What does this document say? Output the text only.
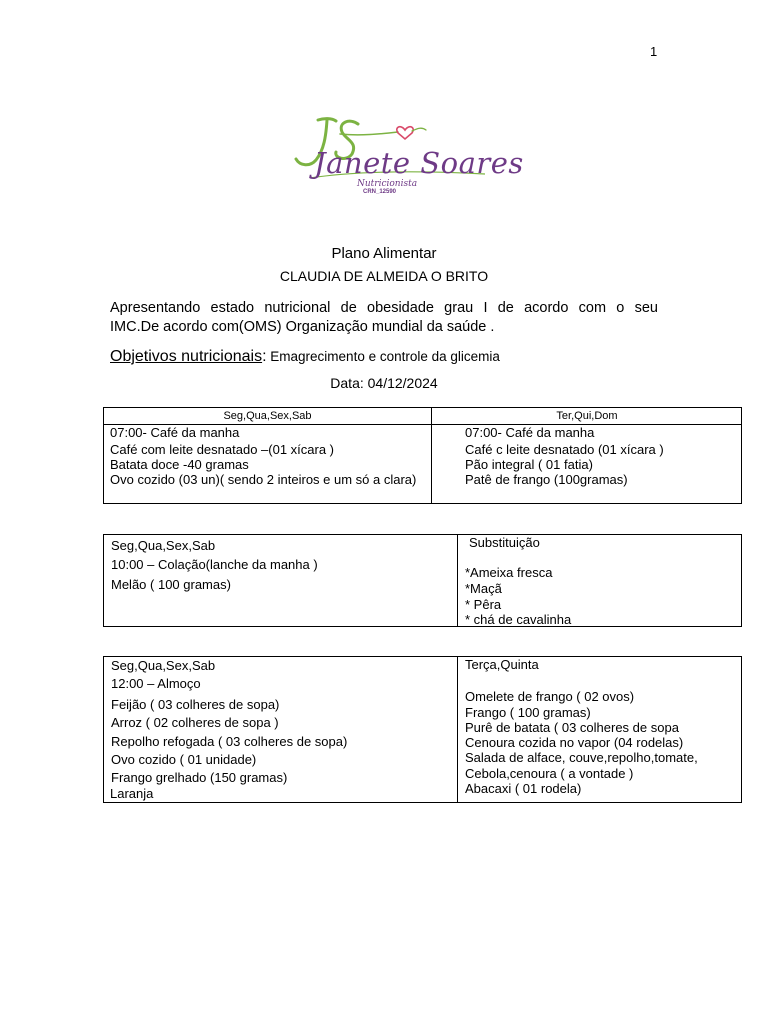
1
Janete Soares
Nutricionista
CRN_12590
Plano Alimentar
CLAUDIA DE ALMEIDA O BRITO
Apresentando estado nutricional de obesidade grau I de acordo com o seu
IMC.De acordo com(OMS) Organização mundial da saúde .
Objetivos nutricionais: Emagrecimento e controle da glicemia
Data: 04/12/2024
Seg,Qua,Sex,Sab	Ter,Qui,Dom
07:00- Café da manha
Café com leite desnatado –(01 xícara )
Batata doce -40 gramas
Ovo cozido (03 un)( sendo 2 inteiros e um só a clara)
07:00- Café da manha
Café c leite desnatado (01 xícara )
Pão integral ( 01 fatia)
Patê de frango (100gramas)
Seg,Qua,Sex,Sab
10:00 – Colação(lanche da manha )
Melão ( 100 gramas)
Substituição
*Ameixa fresca
*Maçã
* Pêra
* chá de cavalinha
Seg,Qua,Sex,Sab
12:00 – Almoço
Feijão ( 03 colheres de sopa)
Arroz ( 02 colheres de sopa )
Repolho refogada ( 03 colheres de sopa)
Ovo cozido ( 01 unidade)
Frango grelhado (150 gramas)
Laranja
Terça,Quinta
Omelete de frango ( 02 ovos)
Frango ( 100 gramas)
Purê de batata ( 03 colheres de sopa
Cenoura cozida no vapor (04 rodelas)
Salada de alface, couve,repolho,tomate,
Cebola,cenoura ( a vontade )
Abacaxi ( 01 rodela)
